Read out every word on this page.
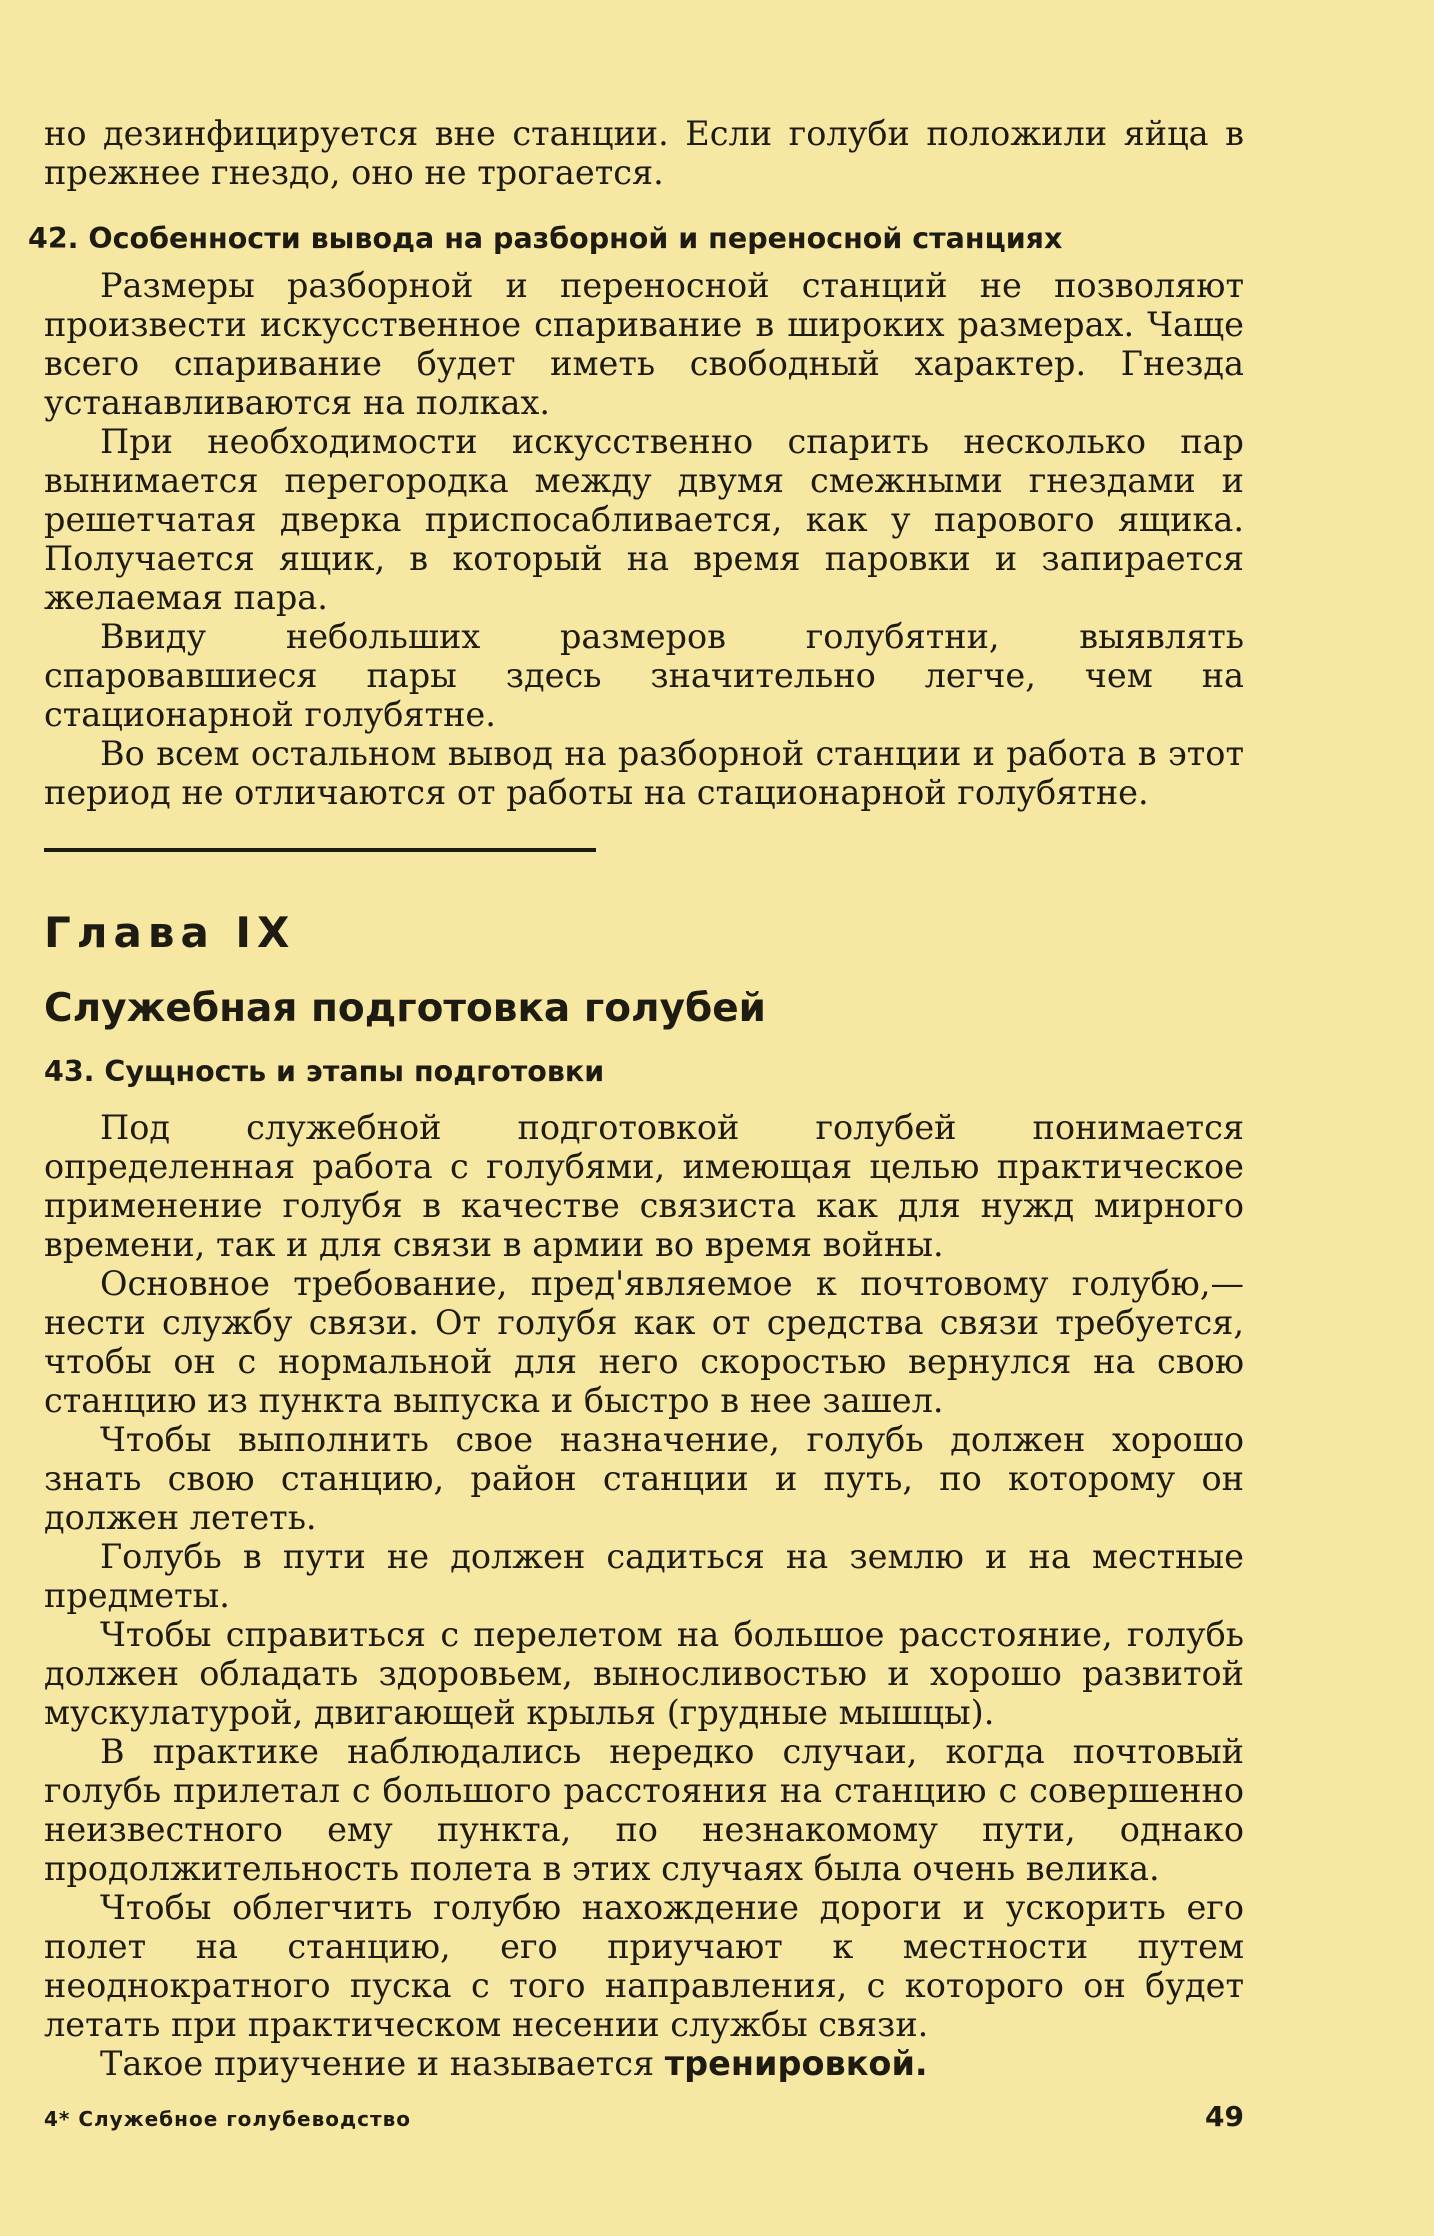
но дезинфицируется вне станции. Если голуби положили яйца в прежнее гнездо, оно не трогается.

42. Особенности вывода на разборной и переносной станциях

Размеры разборной и переносной станций не позволяют произвести искусственное спаривание в широких размерах. Чаще всего спаривание будет иметь свободный характер. Гнезда устанавливаются на полках.

При необходимости искусственно спарить несколько пар вынимается перегородка между двумя смежными гнездами и решетчатая дверка приспосабливается, как у парового ящика. Получается ящик, в который на время паровки и запирается желаемая пара.

Ввиду небольших размеров голубятни, выявлять спаровавшиеся пары здесь значительно легче, чем на стационарной голубятне.

Во всем остальном вывод на разборной станции и работа в этот период не отличаются от работы на стационарной голубятне.

Глава IX
Служебная подготовка голубей
43. Сущность и этапы подготовки

Под служебной подготовкой голубей понимается определенная работа с голубями, имеющая целью практическое применение голубя в качестве связиста как для нужд мирного времени, так и для связи в армии во время войны.

Основное требование, пред'являемое к почтовому голубю,— нести службу связи. От голубя как от средства связи требуется, чтобы он с нормальной для него скоростью вернулся на свою станцию из пункта выпуска и быстро в нее зашел.

Чтобы выполнить свое назначение, голубь должен хорошо знать свою станцию, район станции и путь, по которому он должен лететь.

Голубь в пути не должен садиться на землю и на местные предметы.

Чтобы справиться с перелетом на большое расстояние, голубь должен обладать здоровьем, выносливостью и хорошо развитой мускулатурой, двигающей крылья (грудные мышцы).

В практике наблюдались нередко случаи, когда почтовый голубь прилетал с большого расстояния на станцию с совершенно неизвестного ему пункта, по незнакомому пути, однако продолжительность полета в этих случаях была очень велика.

Чтобы облегчить голубю нахождение дороги и ускорить его полет на станцию, его приучают к местности путем неоднократного пуска с того направления, с которого он будет летать при практическом несении службы связи.

Такое приучение и называется тренировкой.

4* Служебное голубеводство	49
